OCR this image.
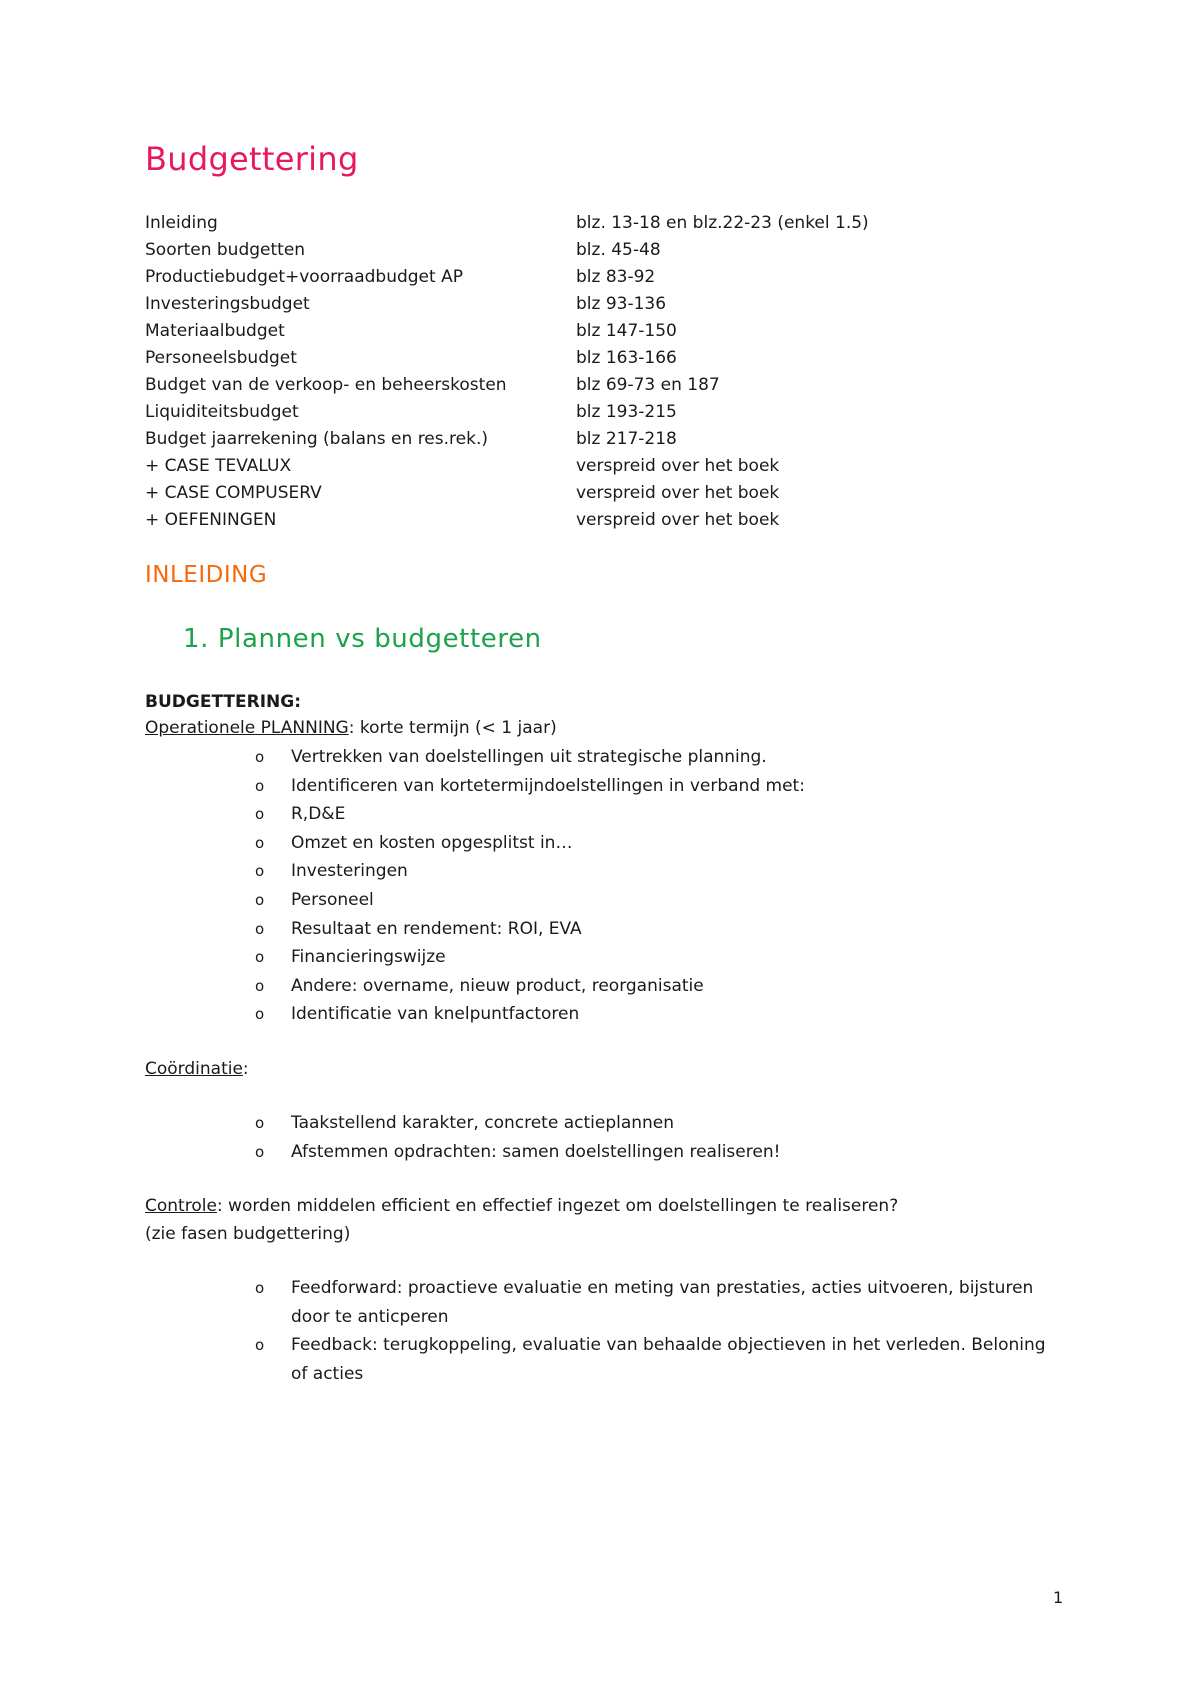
Budgettering
Inleiding	blz. 13-18 en blz.22-23 (enkel 1.5)
Soorten budgetten	blz. 45-48
Productiebudget+voorraadbudget AP	blz 83-92
Investeringsbudget	blz 93-136
Materiaalbudget	blz 147-150
Personeelsbudget	blz 163-166
Budget van de verkoop- en beheerskosten	blz 69-73 en 187
Liquiditeitsbudget	blz 193-215
Budget jaarrekening (balans en res.rek.)	blz 217-218
+ CASE TEVALUX	verspreid over het boek
+ CASE COMPUSERV	verspreid over het boek
+ OEFENINGEN	verspreid over het boek
INLEIDING
1. Plannen vs budgetteren
BUDGETTERING:
Operationele PLANNING: korte termijn (< 1 jaar)
o Vertrekken van doelstellingen uit strategische planning.
o Identificeren van kortetermijndoelstellingen in verband met:
o R,D&E
o Omzet en kosten opgesplitst in…
o Investeringen
o Personeel
o Resultaat en rendement: ROI, EVA
o Financieringswijze
o Andere: overname, nieuw product, reorganisatie
o Identificatie van knelpuntfactoren
Coördinatie:
o Taakstellend karakter, concrete actieplannen
o Afstemmen opdrachten: samen doelstellingen realiseren!
Controle: worden middelen efficient en effectief ingezet om doelstellingen te realiseren?
(zie fasen budgettering)
o Feedforward: proactieve evaluatie en meting van prestaties, acties uitvoeren, bijsturen door te anticperen
o Feedback: terugkoppeling, evaluatie van behaalde objectieven in het verleden. Beloning of acties
1
